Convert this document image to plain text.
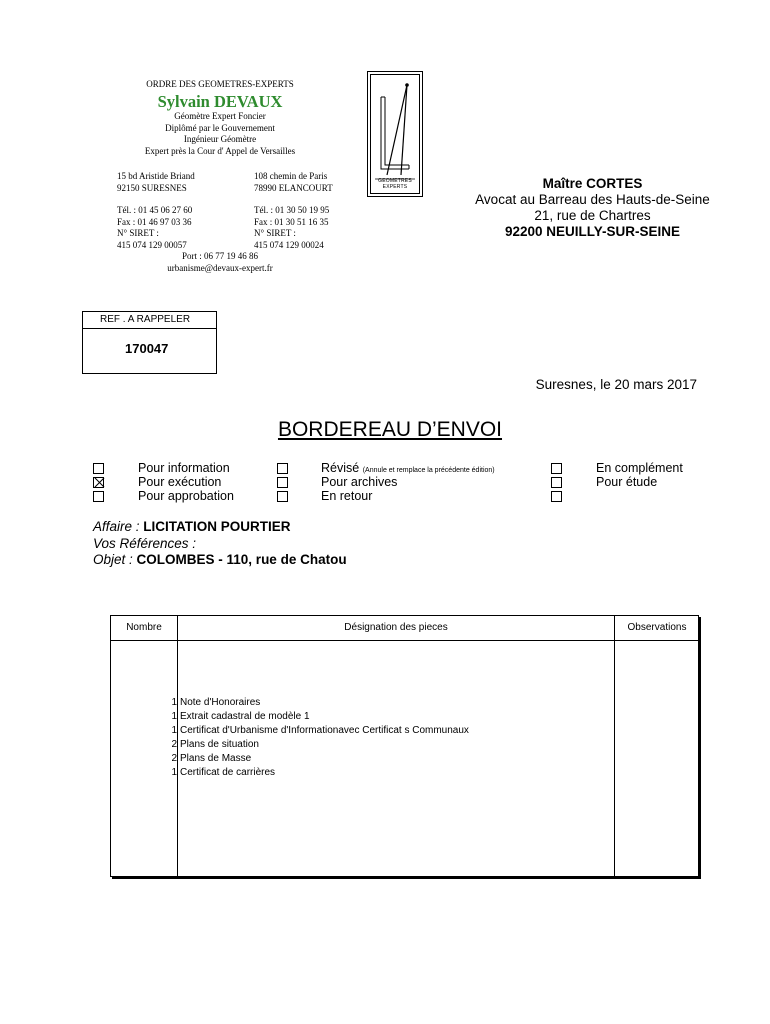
ORDRE DES GEOMETRES-EXPERTS
Sylvain DEVAUX
Géomètre Expert Foncier
Diplômé par le Gouvernement
Ingénieur Géomètre
Expert près la Cour d' Appel de Versailles
15 bd Aristide Briand
92150 SURESNES
Tél. : 01 45 06 27 60
Fax : 01 46 97 03 36
N° SIRET :
415 074 129 00057
108 chemin de Paris
78990 ELANCOURT
Tél. : 01 30 50 19 95
Fax : 01 30 51 16 35
N° SIRET :
415 074 129 00024
Port : 06 77 19 46 86
urbanisme@devaux-expert.fr
GEOMETRES EXPERTS	Maître CORTES
Avocat au Barreau des Hauts-de-Seine
21, rue de Chartres
92200 NEUILLY-SUR-SEINE
REF . A RAPPELER
170047
Suresnes, le 20 mars 2017
BORDEREAU D’ENVOI
Pour information
Pour exécution
Pour approbation
Révisé (Annule et remplace la précédente édition)
Pour archives
En retour
En complément
Pour étude
Affaire : LICITATION POURTIER
Vos Références :
Objet : COLOMBES - 110, rue de Chatou
Nombre	Désignation des pieces	Observations
1 Note d'Honoraires
1 Extrait cadastral de modèle 1
1 Certificat d'Urbanisme d'Informationavec Certificat s Communaux
2 Plans de situation
2 Plans de Masse
1 Certificat de carrières
